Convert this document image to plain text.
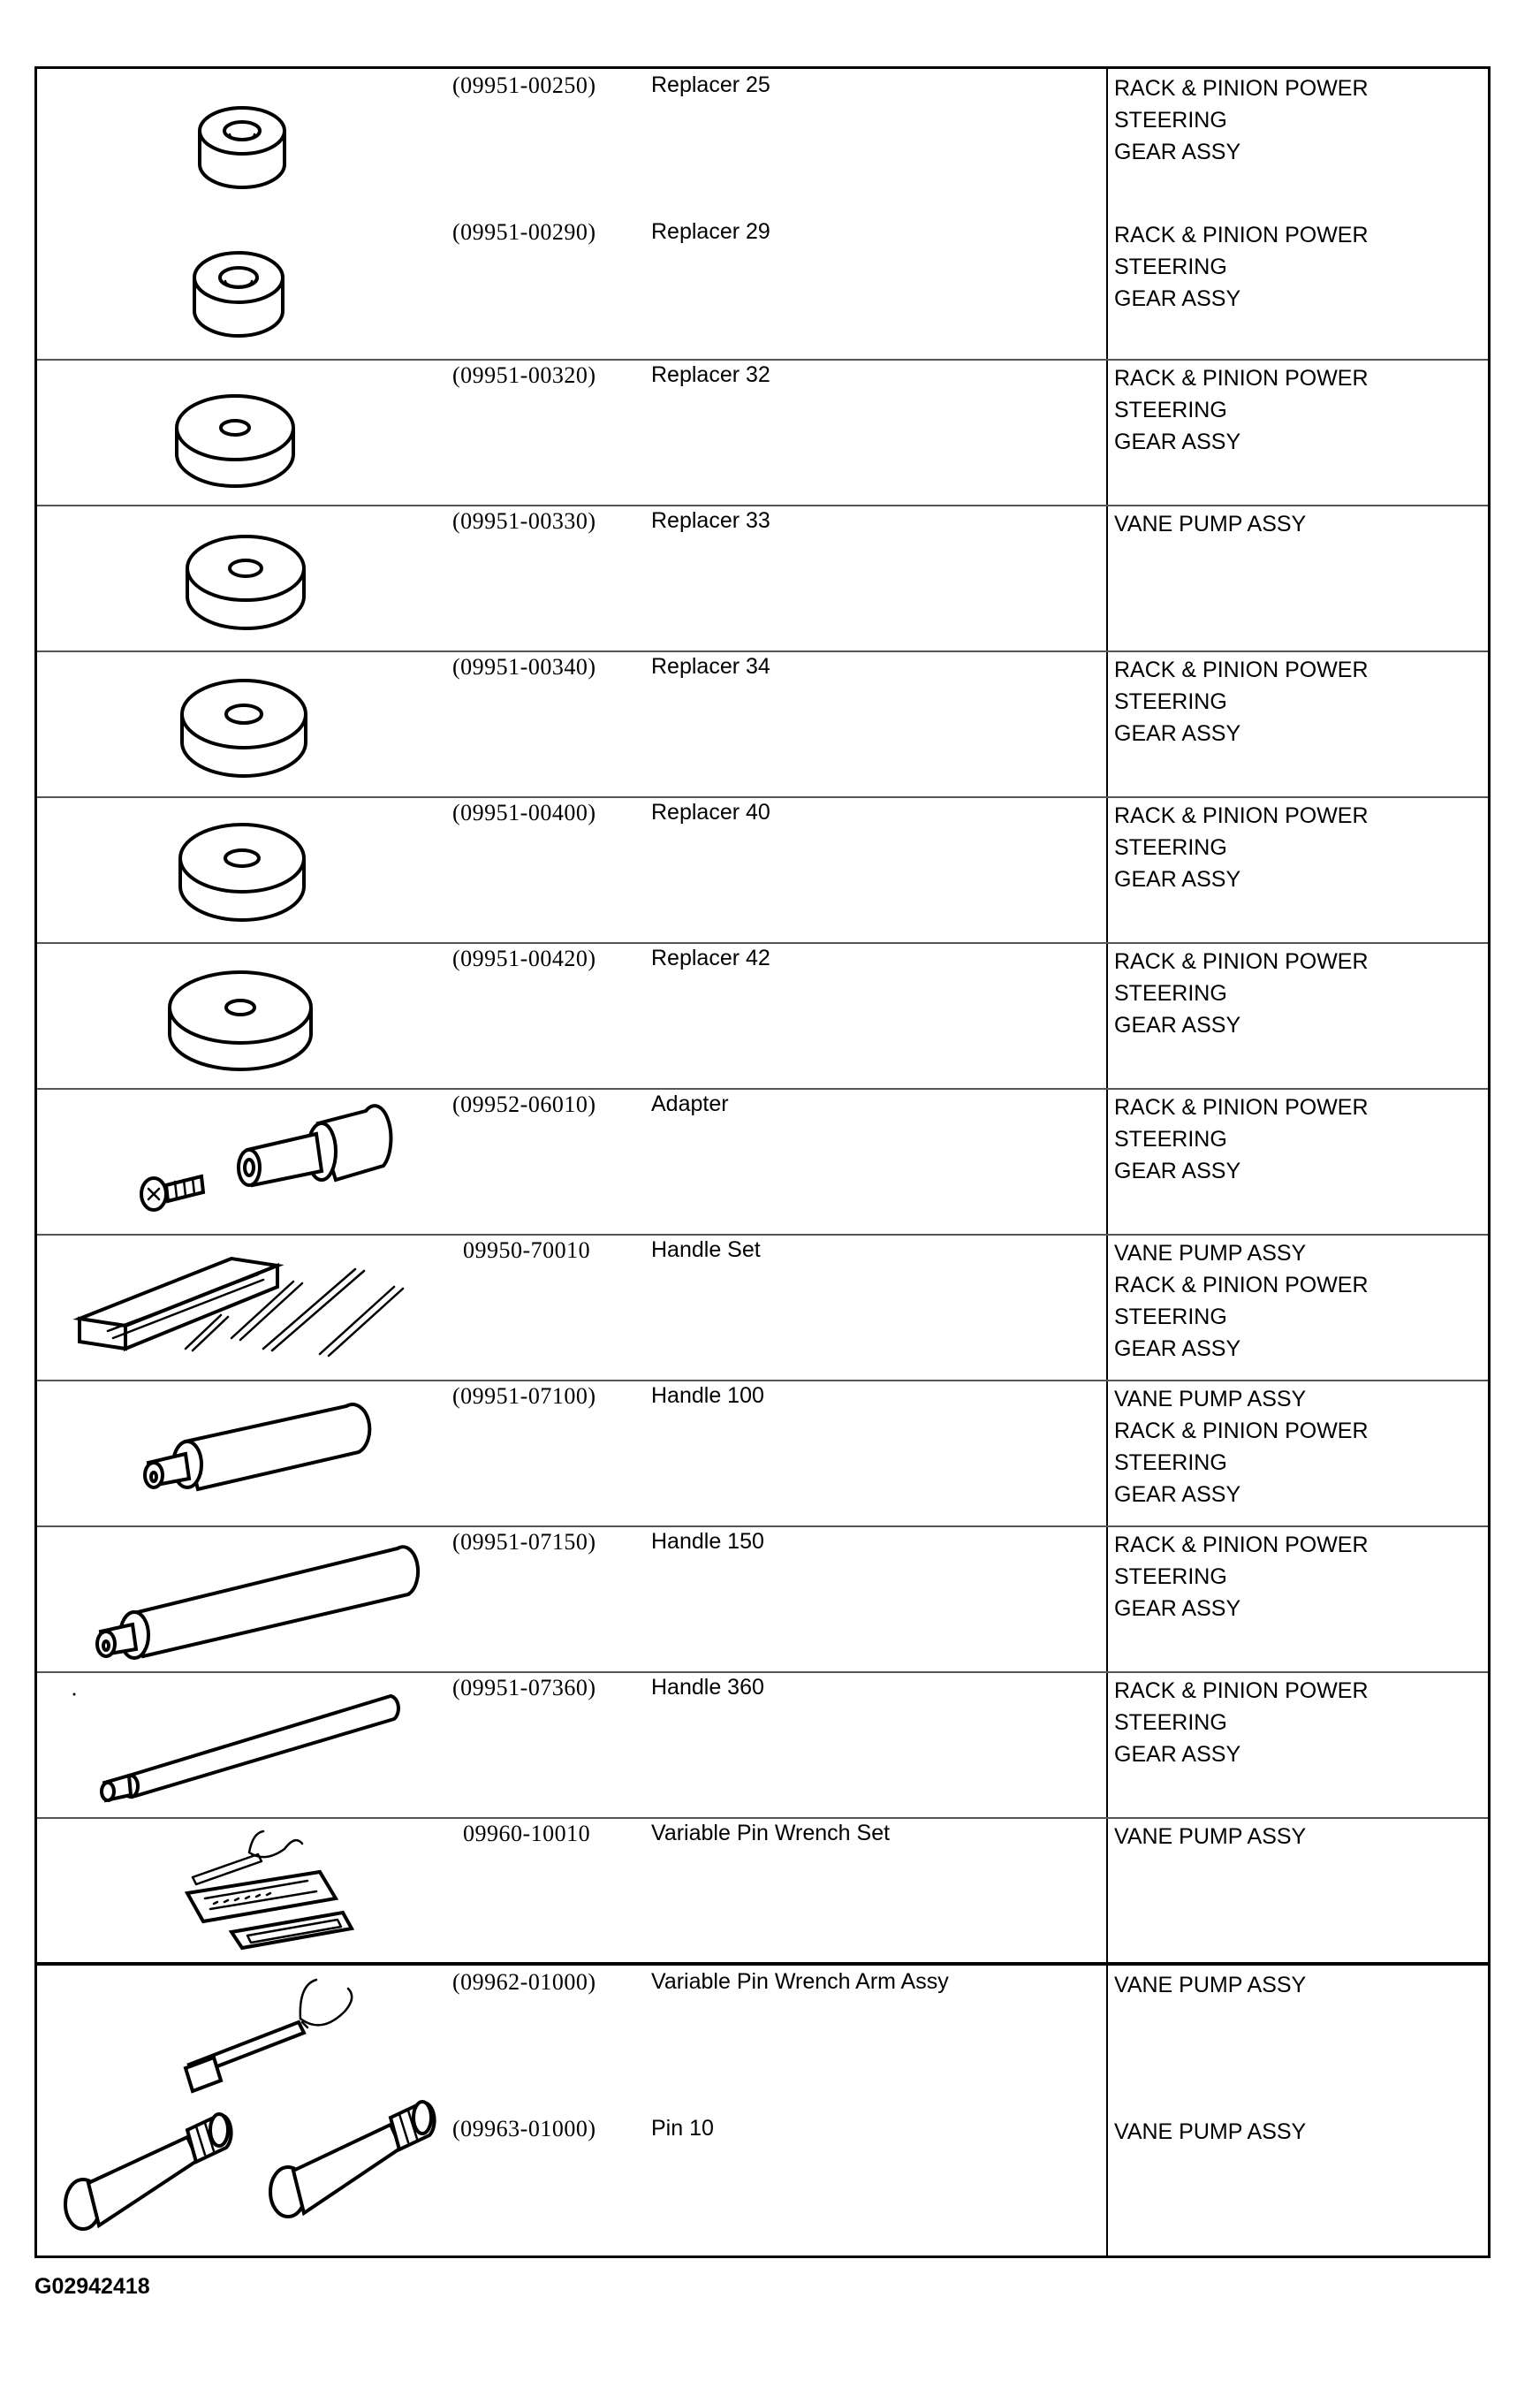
(09951-00250)	Replacer 25	RACK & PINION POWER STEERING
GEAR ASSY
(09951-00290)	Replacer 29	RACK & PINION POWER STEERING
GEAR ASSY
(09951-00320)	Replacer 32	RACK & PINION POWER STEERING
GEAR ASSY
(09951-00330)	Replacer 33	VANE PUMP ASSY
(09951-00340)	Replacer 34	RACK & PINION POWER STEERING
GEAR ASSY
(09951-00400)	Replacer 40	RACK & PINION POWER STEERING
GEAR ASSY
(09951-00420)	Replacer 42	RACK & PINION POWER STEERING
GEAR ASSY
(09952-06010)	Adapter	RACK & PINION POWER STEERING
GEAR ASSY
09950-70010	Handle Set	VANE PUMP ASSY
RACK & PINION POWER STEERING
GEAR ASSY
(09951-07100)	Handle 100	VANE PUMP ASSY
RACK & PINION POWER STEERING
GEAR ASSY
(09951-07150)	Handle 150	RACK & PINION POWER STEERING
GEAR ASSY
(09951-07360)	Handle 360	RACK & PINION POWER STEERING
GEAR ASSY
09960-10010	Variable Pin Wrench Set	VANE PUMP ASSY
(09962-01000)	Variable Pin Wrench Arm Assy	VANE PUMP ASSY
(09963-01000)	Pin 10	VANE PUMP ASSY
G02942418
